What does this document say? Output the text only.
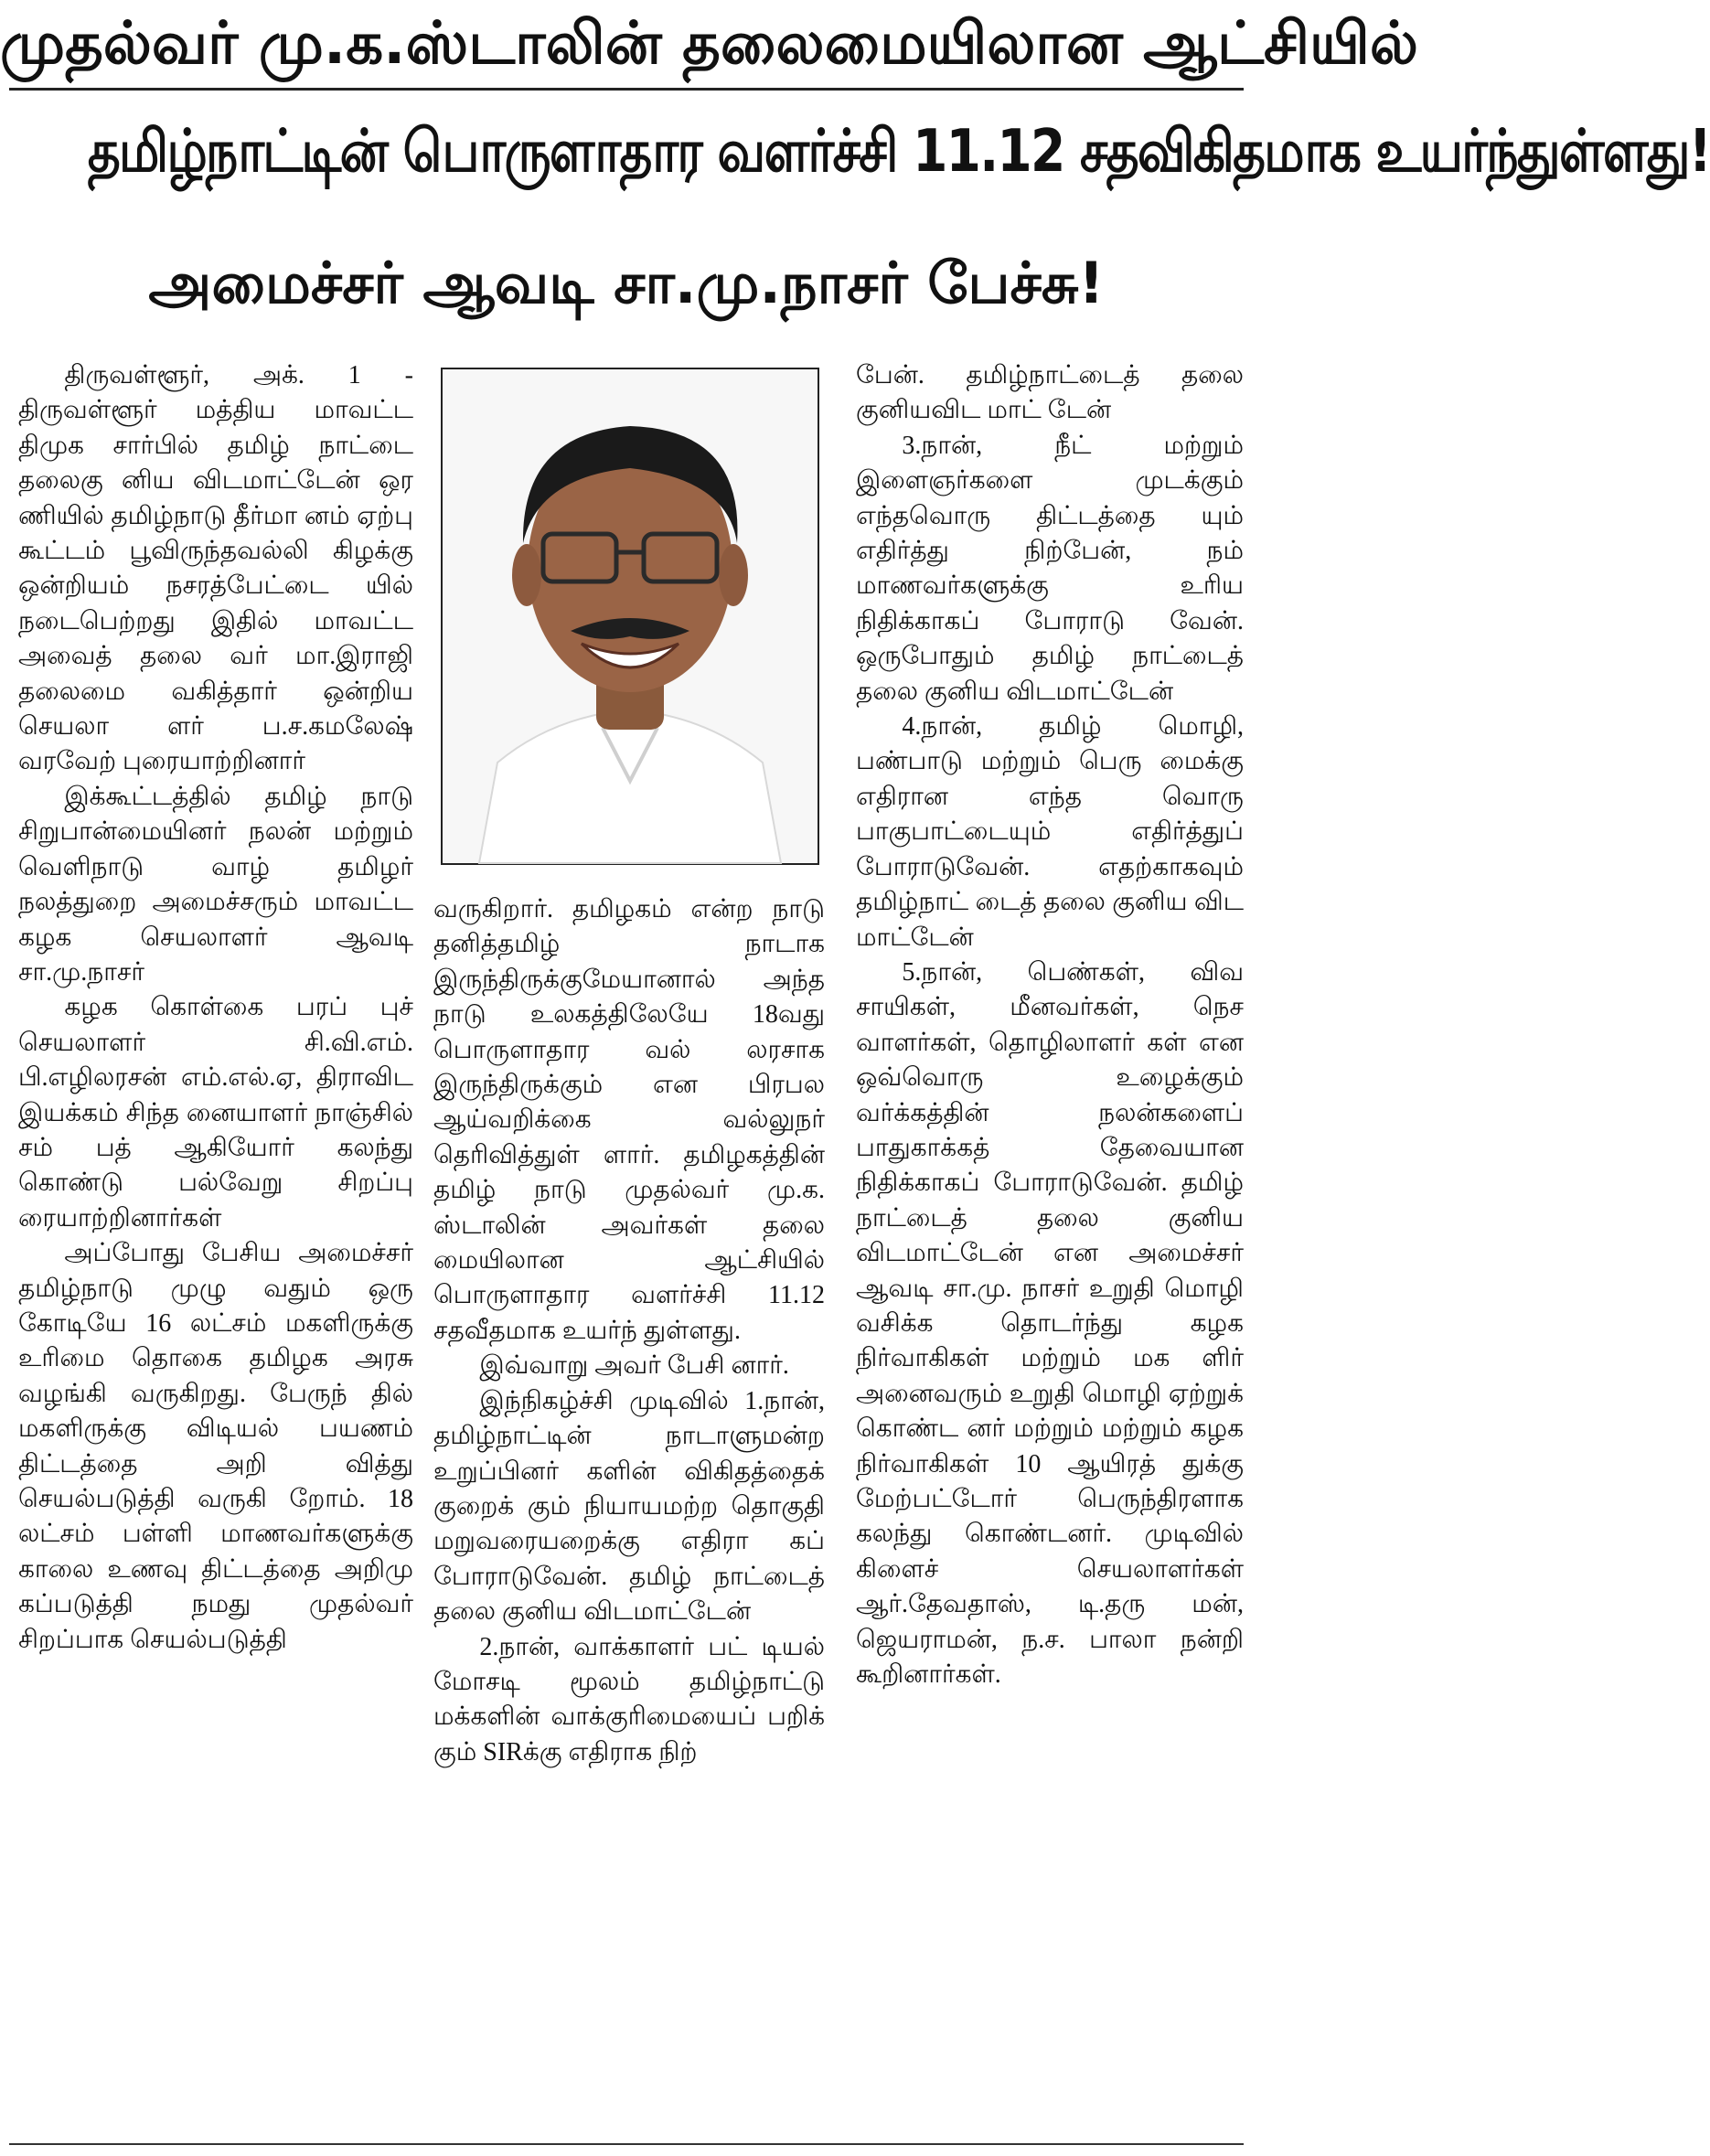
முதல்வர் மு.க.ஸ்டாலின் தலைமையிலான ஆட்சியில்
தமிழ்நாட்டின் பொருளாதார வளர்ச்சி 11.12 சதவிகிதமாக உயர்ந்துள்ளது!
அமைச்சர் ஆவடி சா.மு.நாசர் பேச்சு!

திருவள்ளூர், அக். 1 - திருவள்ளூர் மத்திய மாவட்ட திமுக சார்பில் தமிழ் நாட்டை தலைகு னிய விடமாட்டேன் ஒர ணியில் தமிழ்நாடு தீர்மா னம் ஏற்பு கூட்டம் பூவிருந்தவல்லி கிழக்கு ஒன்றியம் நசரத்பேட்டை யில் நடைபெற்றது இதில் மாவட்ட அவைத் தலை வர் மா.இராஜி தலைமை வகித்தார் ஒன்றிய செயலா ளர் ப.ச.கமலேஷ் வரவேற் புரையாற்றினார்

இக்கூட்டத்தில் தமிழ் நாடு சிறுபான்மையினர் நலன் மற்றும் வெளிநாடு வாழ் தமிழர் நலத்துறை அமைச்சரும் மாவட்ட கழக செயலாளர் ஆவடி சா.மு.நாசர்

கழக கொள்கை பரப் புச் செயலாளர் சி.வி.எம். பி.எழிலரசன் எம்.எல்.ஏ, திராவிட இயக்கம் சிந்த னையாளர் நாஞ்சில் சம் பத் ஆகியோர் கலந்து கொண்டு பல்வேறு சிறப்பு ரையாற்றினார்கள்

அப்போது பேசிய அமைச்சர் தமிழ்நாடு முழு வதும் ஒரு கோடியே 16 லட்சம் மகளிருக்கு உரிமை தொகை தமிழக அரசு வழங்கி வருகிறது. பேருந் தில் மகளிருக்கு விடியல் பயணம் திட்டத்தை அறி வித்து செயல்படுத்தி வருகி றோம். 18 லட்சம் பள்ளி மாணவர்களுக்கு காலை உணவு திட்டத்தை அறிமு கப்படுத்தி நமது முதல்வர் சிறப்பாக செயல்படுத்தி

வருகிறார். தமிழகம் என்ற நாடு தனித்தமிழ் நாடாக இருந்திருக்குமேயானால் அந்த நாடு உலகத்திலேயே 18வது பொருளாதார வல் லரசாக இருந்திருக்கும் என பிரபல ஆய்வறிக்கை வல்லுநர் தெரிவித்துள் ளார். தமிழகத்தின் தமிழ் நாடு முதல்வர் மு.க. ஸ்டாலின் அவர்கள் தலை மையிலான ஆட்சியில் பொருளாதார வளர்ச்சி 11.12 சதவீதமாக உயர்ந் துள்ளது.

இவ்வாறு அவர் பேசி னார்.

இந்நிகழ்ச்சி முடிவில் 1.நான், தமிழ்நாட்டின் நாடாளுமன்ற உறுப்பினர் களின் விகிதத்தைக் குறைக் கும் நியாயமற்ற தொகுதி மறுவரையறைக்கு எதிரா கப் போராடுவேன். தமிழ் நாட்டைத் தலை குனிய விடமாட்டேன்

2.நான், வாக்காளர் பட் டியல் மோசடி மூலம் தமிழ்நாட்டு மக்களின் வாக்குரிமையைப் பறிக் கும் SIRக்கு எதிராக நிற்

பேன். தமிழ்நாட்டைத் தலை குனியவிட மாட் டேன்

3.நான், நீட் மற்றும் இளைஞர்களை முடக்கும் எந்தவொரு திட்டத்தை யும் எதிர்த்து நிற்பேன், நம் மாணவர்களுக்கு உரிய நிதிக்காகப் போராடு வேன். ஒருபோதும் தமிழ் நாட்டைத் தலை குனிய விடமாட்டேன்

4.நான், தமிழ் மொழி, பண்பாடு மற்றும் பெரு மைக்கு எதிரான எந்த வொரு பாகுபாட்டையும் எதிர்த்துப் போராடுவேன். எதற்காகவும் தமிழ்நாட் டைத் தலை குனிய விட மாட்டேன்

5.நான், பெண்கள், விவ சாயிகள், மீனவர்கள், நெச வாளர்கள், தொழிலாளர் கள் என ஒவ்வொரு உழைக்கும் வர்க்கத்தின் நலன்களைப் பாதுகாக்கத் தேவையான நிதிக்காகப் போராடுவேன். தமிழ் நாட்டைத் தலை குனிய விடமாட்டேன் என அமைச்சர் ஆவடி சா.மு. நாசர் உறுதி மொழி வசிக்க தொடர்ந்து கழக நிர்வாகிகள் மற்றும் மக ளிர் அனைவரும் உறுதி மொழி ஏற்றுக் கொண்ட னர் மற்றும் மற்றும் கழக நிர்வாகிகள் 10 ஆயிரத் துக்கு மேற்பட்டோர் பெருந்திரளாக கலந்து கொண்டனர். முடிவில் கிளைச் செயலாளர்கள் ஆர்.தேவதாஸ், டி.தரு மன், ஜெயராமன், ந.ச. பாலா நன்றி கூறினார்கள்.
